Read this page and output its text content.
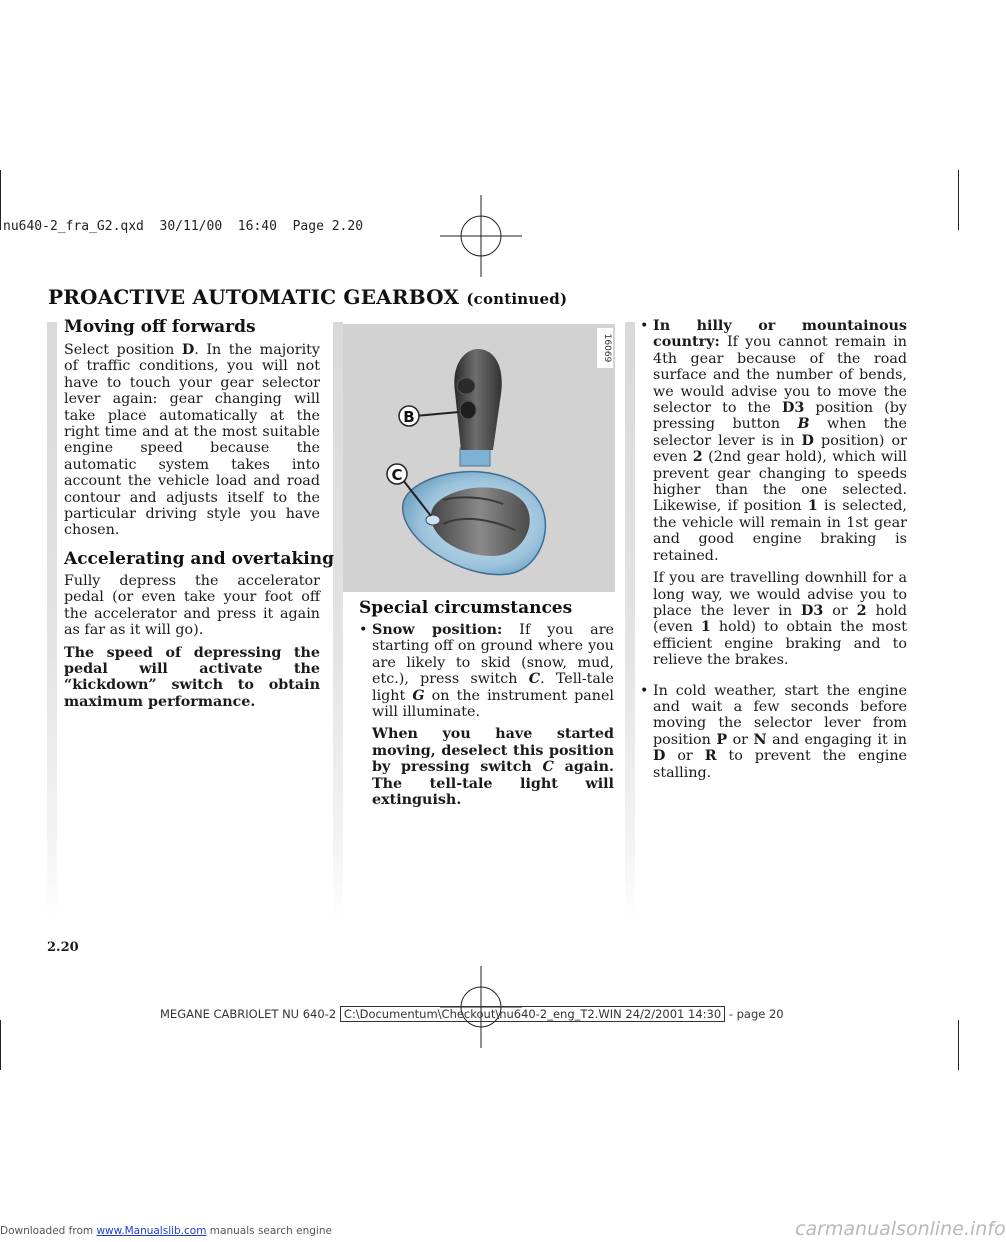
nu640-2_fra_G2.qxd  30/11/00  16:40  Page 2.20
PROACTIVE AUTOMATIC GEARBOX (continued)
Moving off forwards

Select position D. In the majority of traffic conditions, you will not have to touch your gear selector lever again: gear changing will take place automatically at the right time and at the most suitable engine speed because the automatic system takes into account the vehicle load and road contour and adjusts itself to the particular driving style you have chosen.

Accelerating and overtaking

Fully depress the accelerator pedal (or even take your foot off the accelerator and press it again as far as it will go).

The speed of depressing the pedal will activate the “kickdown” switch to obtain maximum performance.

B
C
16069
Special circumstances

• Snow position: If you are starting off on ground where you are likely to skid (snow, mud, etc.), press switch C. Tell-tale light G on the instrument panel will illuminate.

When you have started moving, deselect this position by pressing switch C again. The tell-tale light will extinguish.

• In hilly or mountainous country: If you cannot remain in 4th gear because of the road surface and the number of bends, we would advise you to move the selector to the D3 position (by pressing button B when the selector lever is in D position) or even 2 (2nd gear hold), which will prevent gear changing to speeds higher than the one selected. Likewise, if position 1 is selected, the vehicle will remain in 1st gear and good engine braking is retained.

If you are travelling downhill for a long way, we would advise you to place the lever in D3 or 2 hold (even 1 hold) to obtain the most efficient engine braking and to relieve the brakes.

• In cold weather, start the engine and wait a few seconds before moving the selector lever from position P or N and engaging it in D or R to prevent the engine stalling.

2.20
MEGANE CABRIOLET NU 640-2 C:\Documentum\Checkout\nu640-2_eng_T2.WIN 24/2/2001 14:30 - page 20
Downloaded from www.Manualslib.com manuals search engine	carmanualsonline.info
